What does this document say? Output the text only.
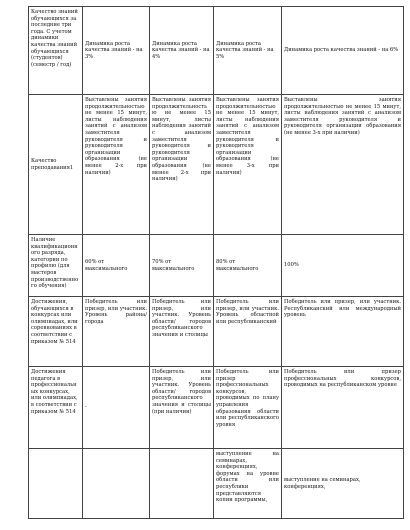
Качество знаний обучающихся за последние три года. С учетом динамики качества знаний обучающихся (студентов) (семестр / год)	Динамика роста качества знаний - на 3%	Динамика роста качества знаний - на 4%	Динамика роста качества знаний - на 5%	Динамика роста качества знаний - на 6%
Качество преподавания1	Выставлены занятия продолжительностью не менее 15 минут, листы наблюдения занятий с анализом заместителя руководителя и руководителя организации образования (не менее 2-х при наличии)	Выставлены занятия продолжительностью не менее 15 минут, листы наблюдения занятий с анализом заместителя руководителя и руководителя организации образования (не менее 2-х при наличии)	Выставлены занятия продолжительностью не менее 15 минут, листы наблюдения занятий с анализом заместителя руководителя и руководителя организации образования (не менее 3-х при наличии)	Выставлены занятия продолжительностью не менее 15 минут, листы наблюдения занятий с анализом заместителя руководителя и руководителя организации образования (не менее 3-х при наличии)
Наличие квалификационного разряда, категории по профилю (для мастеров производственного обучения)	60% от максимального	70% от максимального	80% от максимального	100%
Достижения, обучающихся в конкурсах или олимпиадах, или соревнованиях в соответствии с приказом № 514	Победитель или призер, или участник. Уровень района/ города	Победитель или призер, или участник. Уровень области/ городов республиканского значения и столицы	Победитель или призер, или участник. Уровень областной или республиканский	Победитель или призер, или участник. Республиканский или международный уровень
Достижения педагога в профессиональных конкурсах, или олимпиадах, в соответствии с приказом № 514	-	Победитель или призер, или участник. Уровень области/ городов республиканского значения и столицы (при наличии)	Победитель или призер профессиональных конкурсов, проводимых по плану управления образования области или республиканского уровня	Победитель или призер профессиональных конкурсов, проводимых на республиканском уровне
			выступление на семинарах, конференциях, форумах на уровне области или республики представляются копии программы,	выступление на семинарах, конференциях,
